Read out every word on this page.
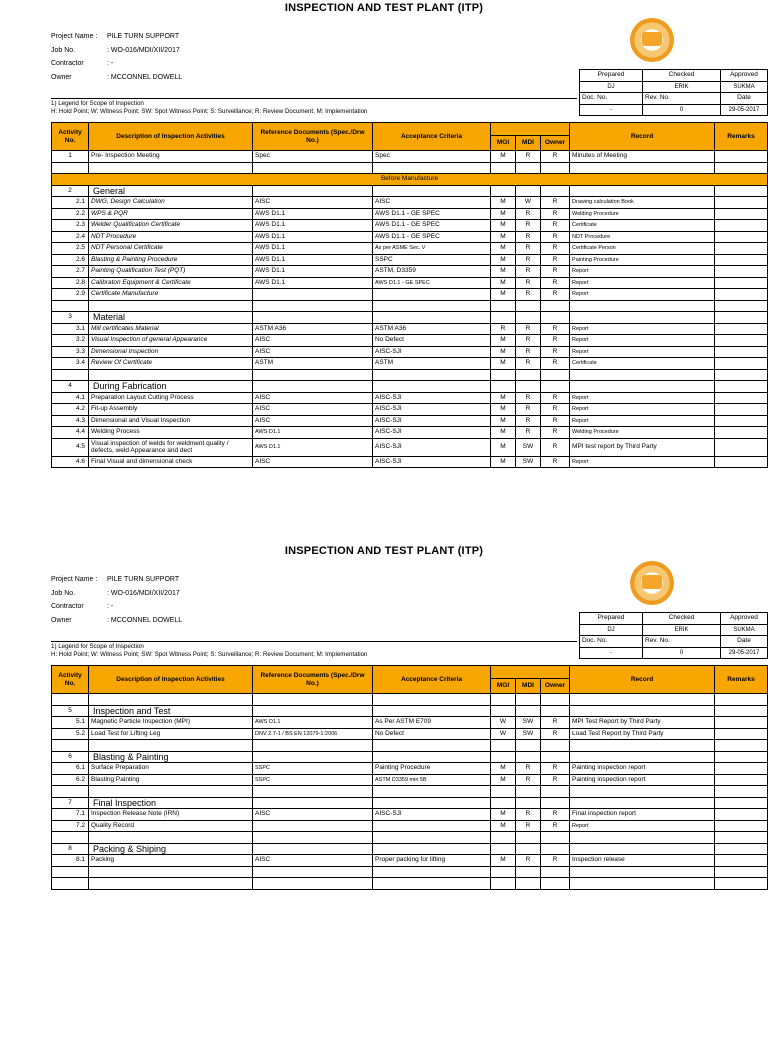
INSPECTION AND TEST PLANT (ITP)
Project Name :	PILE TURN SUPPORT
Job No.	: WO-016/MDI/XII/2017
Contractor	: -
Owner	: MCCONNEL DOWELL	Prepared	Checked	Approved
DJ	ERIK	SUKMA
Doc. No.	Rev. No.	Date
-	0	29-05-2017
1) Legend for Scope of Inspection
H: Hold Point; W: Witness Point; SW: Spot Witness Point; S: Surveillance; R: Review Document; M: Implementation
Activity No.	Description of Inspection Activities	Reference Documents (Spec./Drw No.)	Acceptance Criteria				Record	Remarks
				MGI	MDI	Owner		
1	Pre- Inspection Meeting	Spec	Spec	M	R	R	Minutes of Meeting	

Before Manufacture								
2	General							
2.1	DWG, Design Calculation	AISC	AISC	M	W	R	Drawing calculation Book	
2.2	WPS & PQR	AWS D1.1	AWS D1.1 - GE SPEC	M	R	R	Welding Procedure	
2.3	Welder Qualification Certificate	AWS D1.1	AWS D1.1 - GE SPEC	M	R	R	Certificate	
2.4	NDT Procedure	AWS D1.1	AWS D1.1 - GE SPEC	M	R	R	NDT Procedure	
2.5	NDT Personal Certificate	AWS D1.1	As per ASME Sec. V	M	R	R	Certificate Person	
2.6	Blasting & Painting Procedure	AWS D1.1	SSPC	M	R	R	Painting Procedure	
2.7	Painting Qualification Test (PQT)	AWS D1.1	ASTM, D3359	M	R	R	Report	
2.8	Calibraton Equipment & Certificate	AWS D1.1	AWS D1.1 - GE SPEC	M	R	R	Report	
2.9	Certificate Manufacture			M	R	R	Report	

3	Material							
3.1	Mill certificates Material	ASTM A36	ASTM A36	R	R	R	Report	
3.2	Visual Inspection of general Appearance	AISC	No Defect	M	R	R	Report	
3.3	Dimensional Inspection	AISC	AISC-SJI	M	R	R	Report	
3.4	Review Of Certificate	ASTM	ASTM	M	R	R	Certificate	

4	During Fabrication							
4.1	Preparation Layout Cutting Process	AISC	AISC-SJI	M	R	R	Report	
4.2	Fit-up Assembly	AISC	AISC-SJI	M	R	R	Report	
4.3	Dimensional and Visual Inspection	AISC	AISC-SJI	M	R	R	Report	
4.4	Welding Process	AWS D1.1	AISC-SJI	M	R	R	Welding Procedure	
4.5	Visual inspection of welds for weldment quality / defects, weld Appearance and dect	AWS D1.1	AISC-SJI	M	SW	R	MPI test report by Third Party	
4.6	Final Visual and dimensional check	AISC	AISC-SJI	M	SW	R	Report	
INSPECTION AND TEST PLANT (ITP)
Project Name :	PILE TURN SUPPORT
Job No.	: WO-016/MDI/XII/2017
Contractor	: -
Owner	: MCCONNEL DOWELL	Prepared	Checked	Approved
DJ	ERIK	SUKMA
Doc. No.	Rev. No.	Date
-	0	29-05-2017
1) Legend for Scope of Inspection
H: Hold Point; W: Witness Point; SW: Spot Witness Point; S: Surveillance; R: Review Document; M: Implementation
Activity No.	Description of Inspection Activities	Reference Documents (Spec./Drw No.)	Acceptance Criteria				Record	Remarks
				MGI	MDI	Owner		

5	Inspection and Test							
5.1	Magnetic Particle Inspection (MPI)	AWS D1.1	As Per ASTM E709	W	SW	R	MPI Test Report by Third Party	
5.2	Load Test for Lifting Leg	DNV 2.7-1 / BS EN 12079-1:2006	No Defect	W	SW	R	Load Test Report by Third Party	

6	Blasting & Painting							
6.1	Surface Preparation	SSPC	Painting Procedure	M	R	R	Painting inspection report	
6.2	Blasting Painting	SSPC	ASTM D3359 min 5B	M	R	R	Painting inspection report	

7	Final Inspection							
7.1	Inspection Release Note (IRN)	AISC	AISC-SJI	M	R	R	Final inspection report	
7.2	Quality Record			M	R	R	Report	

8	Packing & Shiping							
8.1	Packing	AISC	Proper packing for lifting	M	R	R	Inspection release	
